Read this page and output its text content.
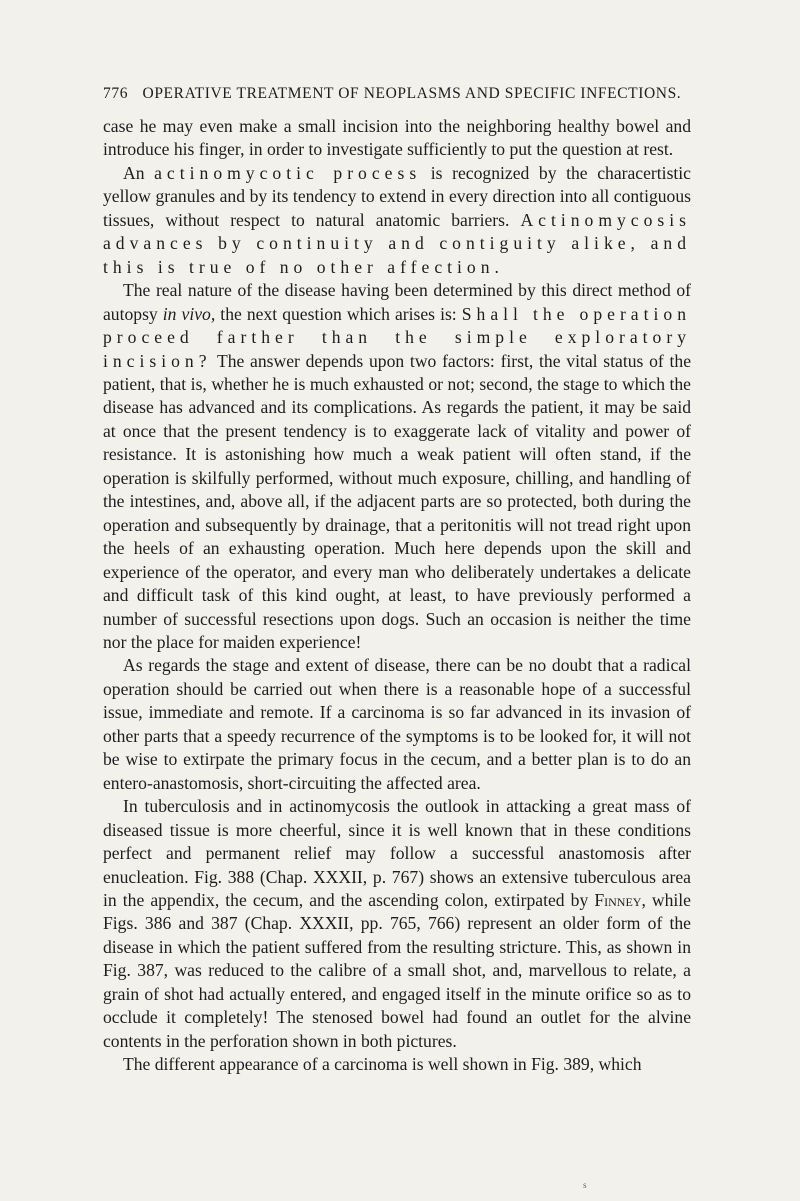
776 OPERATIVE TREATMENT OF NEOPLASMS AND SPECIFIC INFECTIONS.

case he may even make a small incision into the neighboring healthy bowel and introduce his finger, in order to investigate sufficiently to put the question at rest.

An actinomycotic process is recognized by the characertistic yellow granules and by its tendency to extend in every direction into all contiguous tissues, without respect to natural anatomic barriers. Actinomycosis advances by continuity and contiguity alike, and this is true of no other affection.

The real nature of the disease having been determined by this direct method of autopsy in vivo, the next question which arises is: Shall the operation proceed farther than the simple exploratory incision? The answer depends upon two factors: first, the vital status of the patient, that is, whether he is much exhausted or not; second, the stage to which the disease has advanced and its complications. As regards the patient, it may be said at once that the present tendency is to exaggerate lack of vitality and power of resistance. It is astonishing how much a weak patient will often stand, if the operation is skilfully performed, without much exposure, chilling, and handling of the intestines, and, above all, if the adjacent parts are so protected, both during the operation and subsequently by drainage, that a peritonitis will not tread right upon the heels of an exhausting operation. Much here depends upon the skill and experience of the operator, and every man who deliberately undertakes a delicate and difficult task of this kind ought, at least, to have previously performed a number of successful resections upon dogs. Such an occasion is neither the time nor the place for maiden experience!

As regards the stage and extent of disease, there can be no doubt that a radical operation should be carried out when there is a reasonable hope of a successful issue, immediate and remote. If a carcinoma is so far advanced in its invasion of other parts that a speedy recurrence of the symptoms is to be looked for, it will not be wise to extirpate the primary focus in the cecum, and a better plan is to do an entero-anastomosis, short-circuiting the affected area.

In tuberculosis and in actinomycosis the outlook in attacking a great mass of diseased tissue is more cheerful, since it is well known that in these conditions perfect and permanent relief may follow a successful anastomosis after enucleation. Fig. 388 (Chap. XXXII, p. 767) shows an extensive tuberculous area in the appendix, the cecum, and the ascending colon, extirpated by Finney, while Figs. 386 and 387 (Chap. XXXII, pp. 765, 766) represent an older form of the disease in which the patient suffered from the resulting stricture. This, as shown in Fig. 387, was reduced to the calibre of a small shot, and, marvellous to relate, a grain of shot had actually entered, and engaged itself in the minute orifice so as to occlude it completely! The stenosed bowel had found an outlet for the alvine contents in the perforation shown in both pictures.

The different appearance of a carcinoma is well shown in Fig. 389, which

s
